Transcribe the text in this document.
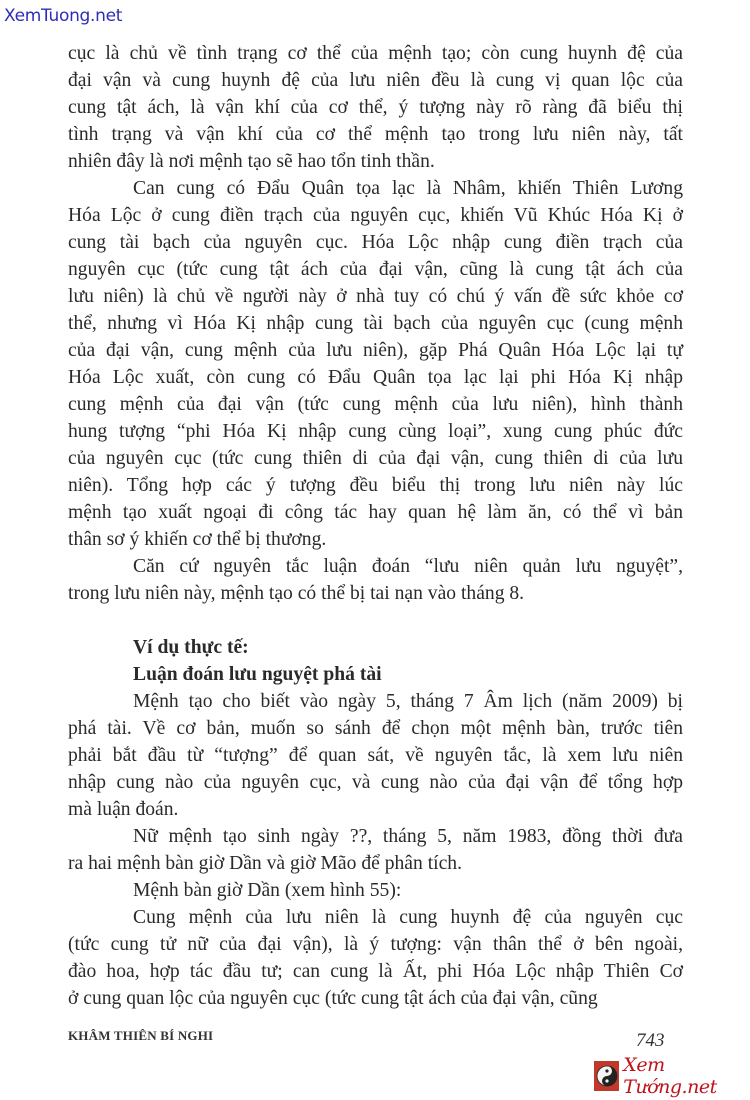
XemTuong.net
cục là chủ về tình trạng cơ thể của mệnh tạo; còn cung huynh đệ của
đại vận và cung huynh đệ của lưu niên đều là cung vị quan lộc của
cung tật ách, là vận khí của cơ thể, ý tượng này rõ ràng đã biểu thị
tình trạng và vận khí của cơ thể mệnh tạo trong lưu niên này, tất
nhiên đây là nơi mệnh tạo sẽ hao tổn tinh thần.
Can cung có Đẩu Quân tọa lạc là Nhâm, khiến Thiên Lương
Hóa Lộc ở cung điền trạch của nguyên cục, khiến Vũ Khúc Hóa Kị ở
cung tài bạch của nguyên cục. Hóa Lộc nhập cung điền trạch của
nguyên cục (tức cung tật ách của đại vận, cũng là cung tật ách của
lưu niên) là chủ về người này ở nhà tuy có chú ý vấn đề sức khỏe cơ
thể, nhưng vì Hóa Kị nhập cung tài bạch của nguyên cục (cung mệnh
của đại vận, cung mệnh của lưu niên), gặp Phá Quân Hóa Lộc lại tự
Hóa Lộc xuất, còn cung có Đẩu Quân tọa lạc lại phi Hóa Kị nhập
cung mệnh của đại vận (tức cung mệnh của lưu niên), hình thành
hung tượng “phi Hóa Kị nhập cung cùng loại”, xung cung phúc đức
của nguyên cục (tức cung thiên di của đại vận, cung thiên di của lưu
niên). Tổng hợp các ý tượng đều biểu thị trong lưu niên này lúc
mệnh tạo xuất ngoại đi công tác hay quan hệ làm ăn, có thể vì bản
thân sơ ý khiến cơ thể bị thương.
Căn cứ nguyên tắc luận đoán “lưu niên quản lưu nguyệt”,
trong lưu niên này, mệnh tạo có thể bị tai nạn vào tháng 8.
Ví dụ thực tế:
Luận đoán lưu nguyệt phá tài
Mệnh tạo cho biết vào ngày 5, tháng 7 Âm lịch (năm 2009) bị
phá tài. Về cơ bản, muốn so sánh để chọn một mệnh bàn, trước tiên
phải bắt đầu từ “tượng” để quan sát, về nguyên tắc, là xem lưu niên
nhập cung nào của nguyên cục, và cung nào của đại vận để tổng hợp
mà luận đoán.
Nữ mệnh tạo sinh ngày ??, tháng 5, năm 1983, đồng thời đưa
ra hai mệnh bàn giờ Dần và giờ Mão để phân tích.
Mệnh bàn giờ Dần (xem hình 55):
Cung mệnh của lưu niên là cung huynh đệ của nguyên cục
(tức cung tử nữ của đại vận), là ý tượng: vận thân thể ở bên ngoài,
đào hoa, hợp tác đầu tư; can cung là Ất, phi Hóa Lộc nhập Thiên Cơ
ở cung quan lộc của nguyên cục (tức cung tật ách của đại vận, cũng
KHÂM THIÊN BÍ NGHI	743
Xem Tướng.net
